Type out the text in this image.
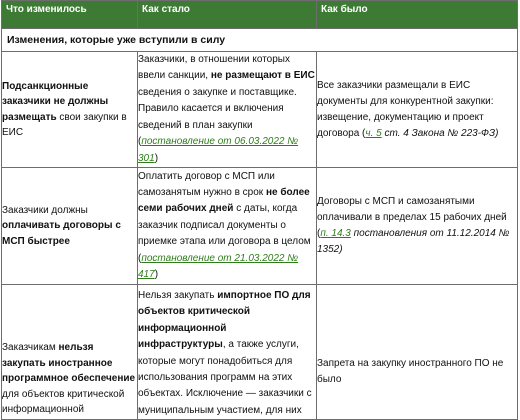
Что изменилось	Как стало	Как было
Изменения, которые уже вступили в силу		
Подсанкционные заказчики не должны размещать свои закупки в ЕИС	Заказчики, в отношении которых ввели санкции, не размещают в ЕИС сведения о закупке и поставщике. Правило касается и включения сведений в план закупки (постановление от 06.03.2022 № 301)	Все заказчики размещали в ЕИС документы для конкурентной закупки: извещение, документацию и проект договора (ч. 5 ст. 4 Закона № 223-ФЗ)
Заказчики должны оплачивать договоры с МСП быстрее	Оплатить договор с МСП или самозанятым нужно в срок не более семи рабочих дней с даты, когда заказчик подписал документы о приемке этапа или договора в целом (постановление от 21.03.2022 № 417)	Договоры с МСП и самозанятыми оплачивали в пределах 15 рабочих дней (п. 14.3 постановления от 11.12.2014 № 1352)
Заказчикам нельзя закупать иностранное программное обеспечение для объектов критической информационной	Нельзя закупать импортное ПО для объектов критической информационной инфраструктуры, а также услуги, которые могут понадобиться для использования программ на этих объектах. Исключение — заказчики с муниципальным участием, для них	Запрета на закупку иностранного ПО не было
